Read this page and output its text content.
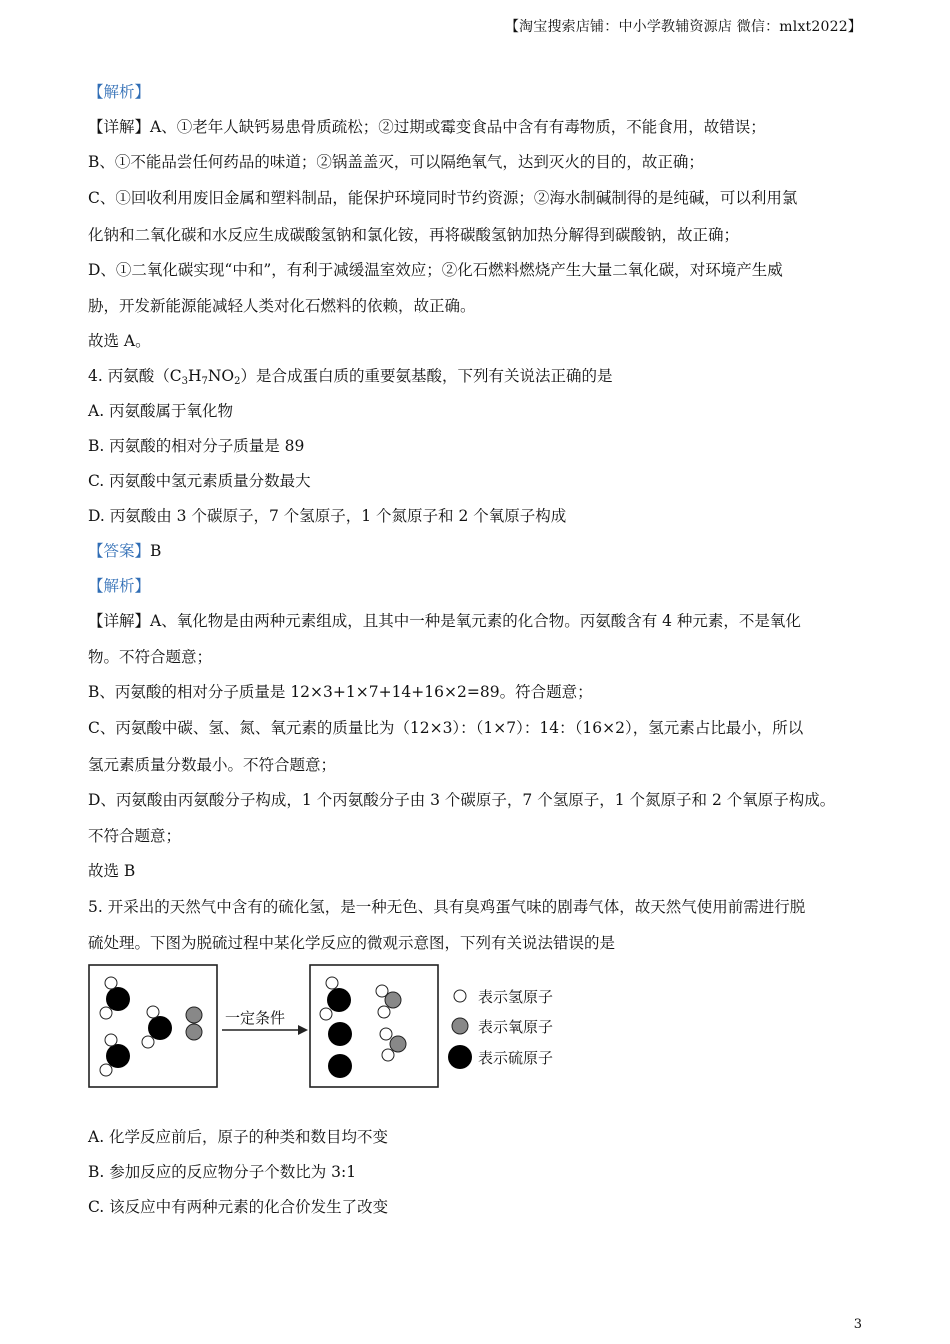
【淘宝搜索店铺：中小学教辅资源店 微信：mlxt2022】
【解析】
【详解】A、①老年人缺钙易患骨质疏松；②过期或霉变食品中含有有毒物质，不能食用，故错误；
B、①不能品尝任何药品的味道；②锅盖盖灭，可以隔绝氧气，达到灭火的目的，故正确；
C、①回收利用废旧金属和塑料制品，能保护环境同时节约资源；②海水制碱制得的是纯碱，可以利用氯
化钠和二氧化碳和水反应生成碳酸氢钠和氯化铵，再将碳酸氢钠加热分解得到碳酸钠，故正确；
D、①二氧化碳实现“中和”，有利于减缓温室效应；②化石燃料燃烧产生大量二氧化碳，对环境产生威
胁，开发新能源能减轻人类对化石燃料的依赖，故正确。
故选 A。
4. 丙氨酸$(C_3H_7NO_2)$是合成蛋白质的重要氨基酸，下列有关说法正确的是
A. 丙氨酸属于氧化物
B. 丙氨酸的相对分子质量是 89
C. 丙氨酸中氢元素质量分数最大
D. 丙氨酸由 3 个碳原子，7 个氢原子，1 个氮原子和 2 个氧原子构成
【答案】B
【解析】
【详解】A、氧化物是由两种元素组成，且其中一种是氧元素的化合物。丙氨酸含有 4 种元素，不是氧化
物。不符合题意；
B、丙氨酸的相对分子质量是 12×3+1×7+14+16×2=89。符合题意；
C、丙氨酸中碳、氢、氮、氧元素的质量比为（12×3）：（1×7）：14：（16×2），氢元素占比最小，所以
氢元素质量分数最小。不符合题意；
D、丙氨酸由丙氨酸分子构成，1 个丙氨酸分子由 3 个碳原子，7 个氢原子，1 个氮原子和 2 个氧原子构成。
不符合题意；
故选 B
5. 开采出的天然气中含有的硫化氢，是一种无色、具有臭鸡蛋气味的剧毒气体，故天然气使用前需进行脱
硫处理。下图为脱硫过程中某化学反应的微观示意图，下列有关说法错误的是
一定条件
表示氢原子
表示氧原子
表示硫原子
A. 化学反应前后，原子的种类和数目均不变
B. 参加反应的反应物分子个数比为 3:1
C. 该反应中有两种元素的化合价发生了改变
3
